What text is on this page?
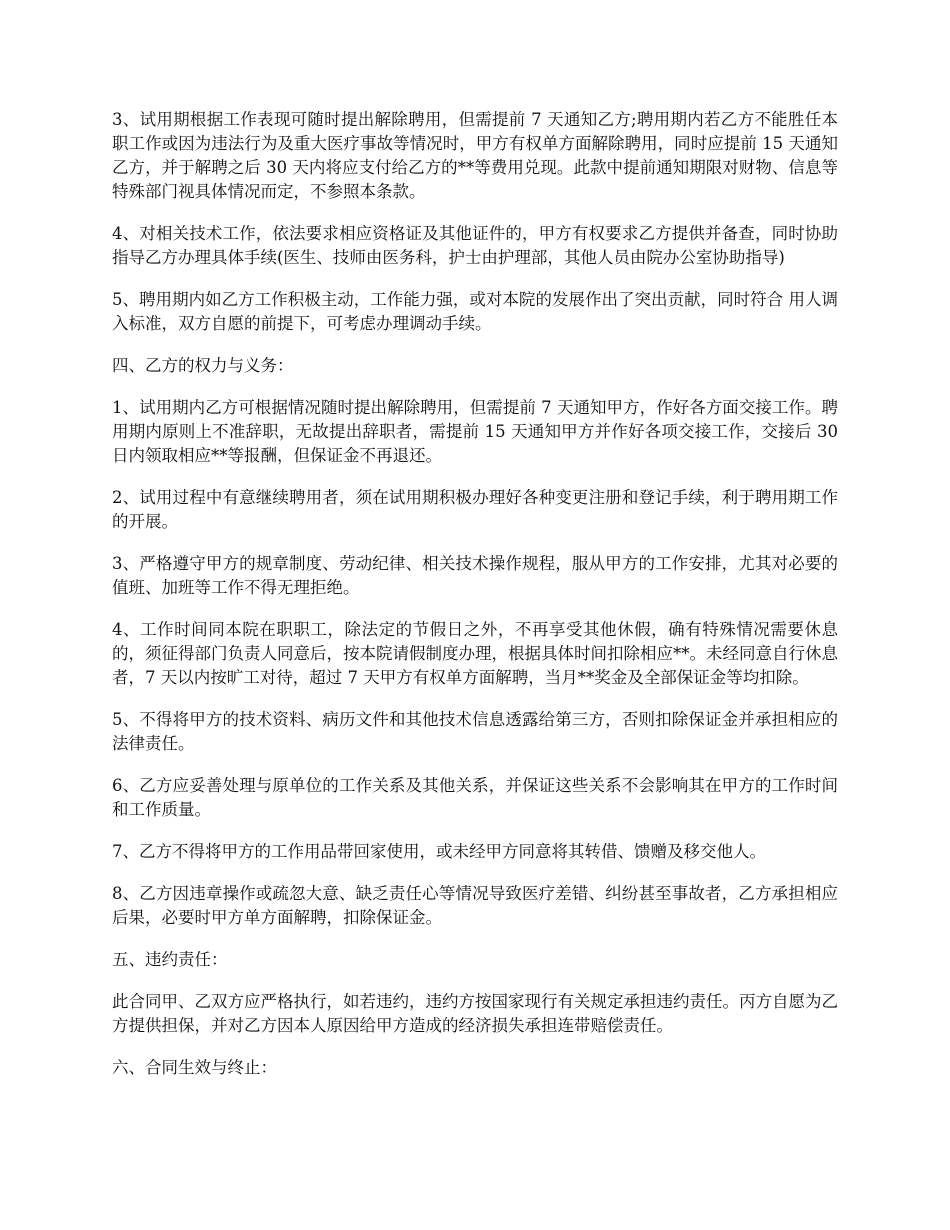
3、试用期根据工作表现可随时提出解除聘用，但需提前 7 天通知乙方;聘用期内若乙方不能胜任本职工作或因为违法行为及重大医疗事故等情况时，甲方有权单方面解除聘用，同时应提前 15 天通知乙方，并于解聘之后 30 天内将应支付给乙方的**等费用兑现。此款中提前通知期限对财物、信息等特殊部门视具体情况而定，不参照本条款。

4、对相关技术工作，依法要求相应资格证及其他证件的，甲方有权要求乙方提供并备查，同时协助指导乙方办理具体手续(医生、技师由医务科，护士由护理部，其他人员由院办公室协助指导)

5、聘用期内如乙方工作积极主动，工作能力强，或对本院的发展作出了突出贡献，同时符合 用人调入标准，双方自愿的前提下，可考虑办理调动手续。

四、乙方的权力与义务：

1、试用期内乙方可根据情况随时提出解除聘用，但需提前 7 天通知甲方，作好各方面交接工作。聘用期内原则上不准辞职，无故提出辞职者，需提前 15 天通知甲方并作好各项交接工作，交接后 30 日内领取相应**等报酬，但保证金不再退还。

2、试用过程中有意继续聘用者，须在试用期积极办理好各种变更注册和登记手续，利于聘用期工作的开展。

3、严格遵守甲方的规章制度、劳动纪律、相关技术操作规程，服从甲方的工作安排，尤其对必要的值班、加班等工作不得无理拒绝。

4、工作时间同本院在职职工，除法定的节假日之外，不再享受其他休假，确有特殊情况需要休息的，须征得部门负责人同意后，按本院请假制度办理，根据具体时间扣除相应**。未经同意自行休息者，7 天以内按旷工对待，超过 7 天甲方有权单方面解聘，当月**奖金及全部保证金等均扣除。

5、不得将甲方的技术资料、病历文件和其他技术信息透露给第三方，否则扣除保证金并承担相应的法律责任。

6、乙方应妥善处理与原单位的工作关系及其他关系，并保证这些关系不会影响其在甲方的工作时间和工作质量。

7、乙方不得将甲方的工作用品带回家使用，或未经甲方同意将其转借、馈赠及移交他人。

8、乙方因违章操作或疏忽大意、缺乏责任心等情况导致医疗差错、纠纷甚至事故者，乙方承担相应后果，必要时甲方单方面解聘，扣除保证金。

五、违约责任：

此合同甲、乙双方应严格执行，如若违约，违约方按国家现行有关规定承担违约责任。丙方自愿为乙方提供担保，并对乙方因本人原因给甲方造成的经济损失承担连带赔偿责任。

六、合同生效与终止：
